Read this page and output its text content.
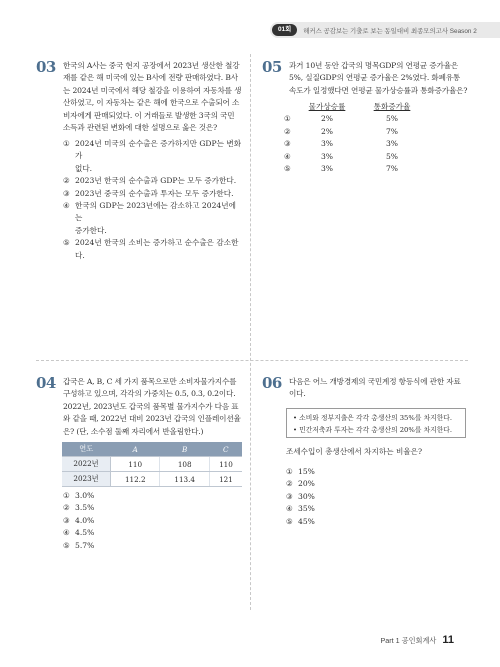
01회	해커스 공감보는 기출로 보는 동일대비 최종모의고사 Season 2
03 한국의 A사는 중국 현지 공장에서 2023년 생산한 철강
재를 같은 해 미국에 있는 B사에 전량 판매하였다. B사
는 2024년 미국에서 해당 철강을 이용하여 자동차를 생
산하였고, 이 자동차는 같은 해에 한국으로 수출되어 소
비자에게 판매되었다. 이 거래들로 발생한 3국의 국민
소득과 관련된 변화에 대한 설명으로 옳은 것은?
① 2024년 미국의 순수출은 증가하지만 GDP는 변화가
없다.
② 2023년 한국의 순수출과 GDP는 모두 증가한다.
③ 2023년 중국의 순수출과 투자는 모두 증가한다.
④ 한국의 GDP는 2023년에는 감소하고 2024년에는
증가한다.
⑤ 2024년 한국의 소비는 증가하고 순수출은 감소한다.
05 과거 10년 동안 갑국의 명목GDP의 연평균 증가율은
5%, 실질GDP의 연평균 증가율은 2%였다. 화폐유통
속도가 일정했다면 연평균 물가상승률과 통화증가율은?
물가상승률	통화증가율
①	2%	5%
②	2%	7%
③	3%	3%
④	3%	5%
⑤	3%	7%
04 갑국은 A, B, C 세 가지 품목으로만 소비자물가지수를
구성하고 있으며, 각각의 가중치는 0.5, 0.3, 0.2이다.
2022년, 2023년도 갑국의 품목별 물가지수가 다음 표
와 같을 때, 2022년 대비 2023년 갑국의 인플레이션율
은? (단, 소수점 둘째 자리에서 반올림한다.)
연도	A	B	C
2022년	110	108	110
2023년	112.2	113.4	121
① 3.0%
② 3.5%
③ 4.0%
④ 4.5%
⑤ 5.7%
06 다음은 어느 개방경제의 국민계정 항등식에 관한 자료
이다.
• 소비와 정부지출은 각각 총생산의 35%를 차지한다.
• 민간저축과 투자는 각각 총생산의 20%를 차지한다.
조세수입이 총생산에서 차지하는 비율은?
① 15%
② 20%
③ 30%
④ 35%
⑤ 45%
Part 1 공인회계사 11
